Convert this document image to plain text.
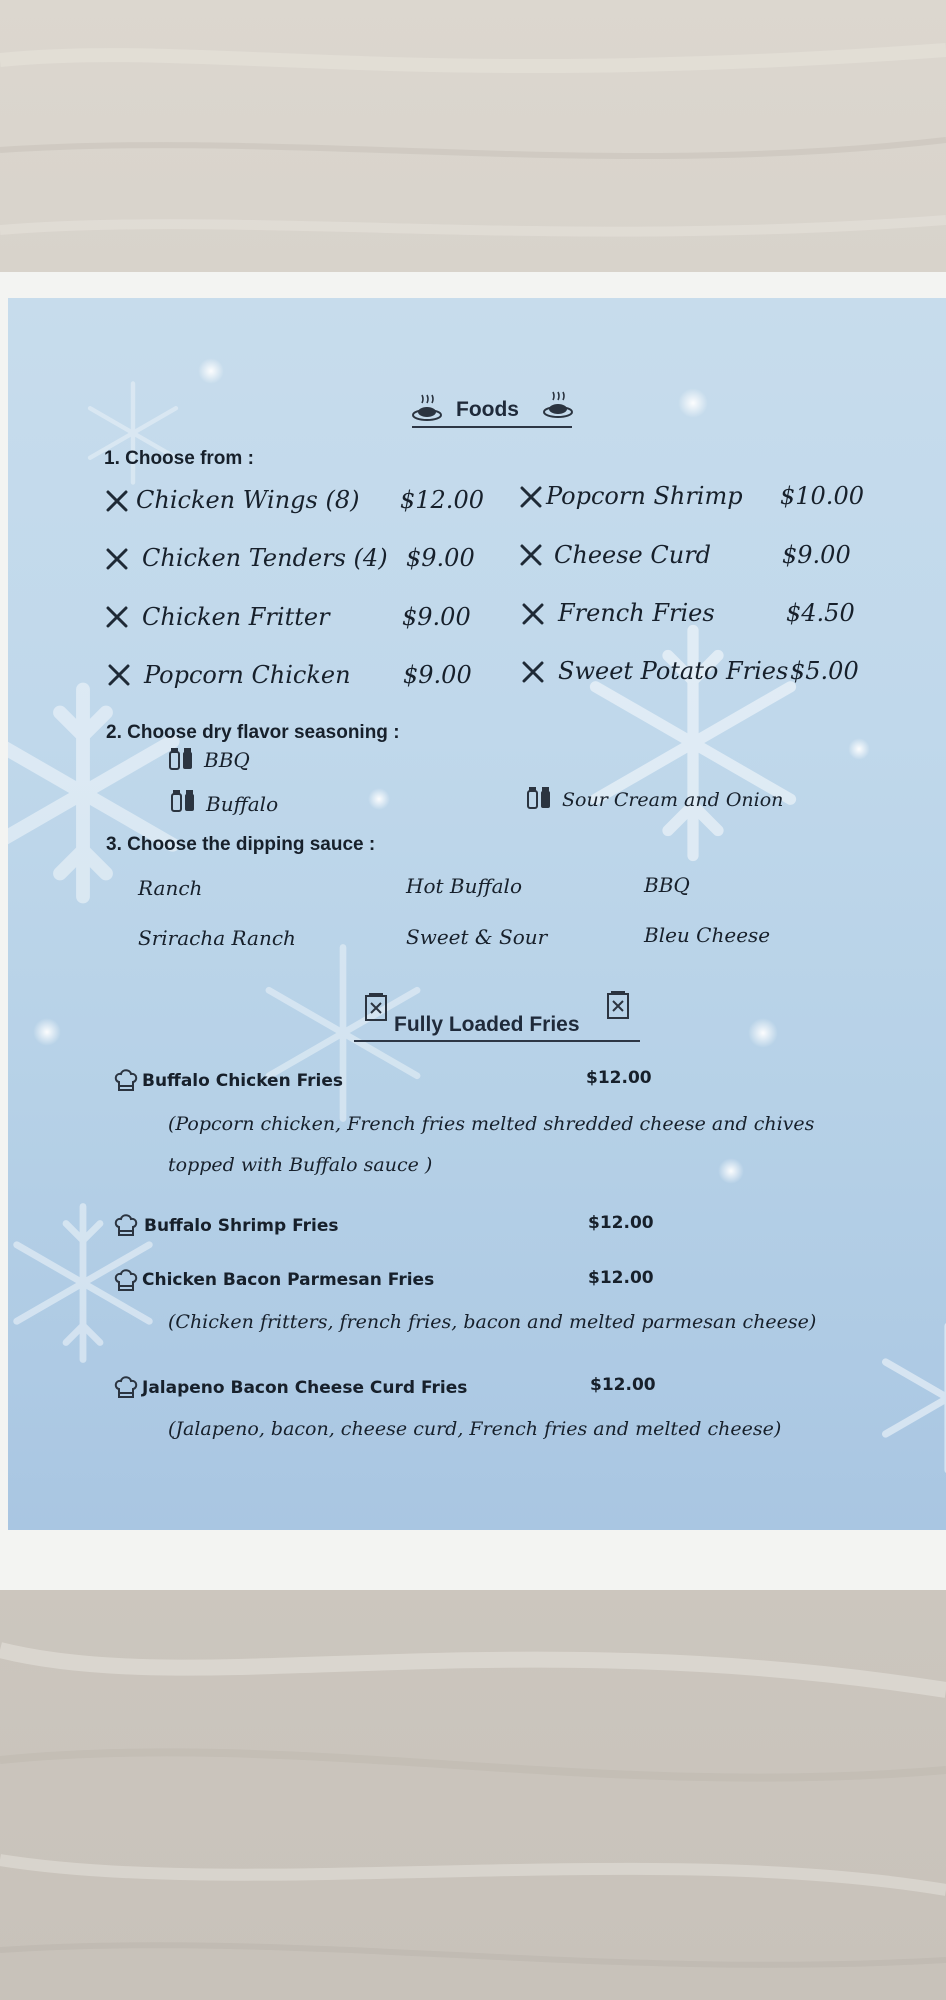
Foods
1. Choose from :
Chicken Wings (8) $12.00
Chicken Tenders (4) $9.00
Chicken Fritter	$9.00
Popcorn Chicken $9.00
Popcorn Shrimp $10.00
Cheese Curd	$9.00
French Fries	$4.50
Sweet Potato Fries $5.00
2. Choose dry flavor seasoning :
BBQ
Buffalo	Sour Cream and Onion
3. Choose the dipping sauce :
Ranch	Hot Buffalo	BBQ
Sriracha Ranch	Sweet & Sour	Bleu Cheese
Fully Loaded Fries
Buffalo Chicken Fries	$12.00
(Popcorn chicken, French fries melted shredded cheese and chives
topped with Buffalo sauce )
Buffalo Shrimp Fries	$12.00
Chicken Bacon Parmesan Fries	$12.00
(Chicken fritters, french fries, bacon and melted parmesan cheese)
Jalapeno Bacon Cheese Curd Fries	$12.00
(Jalapeno, bacon, cheese curd, French fries and melted cheese)
